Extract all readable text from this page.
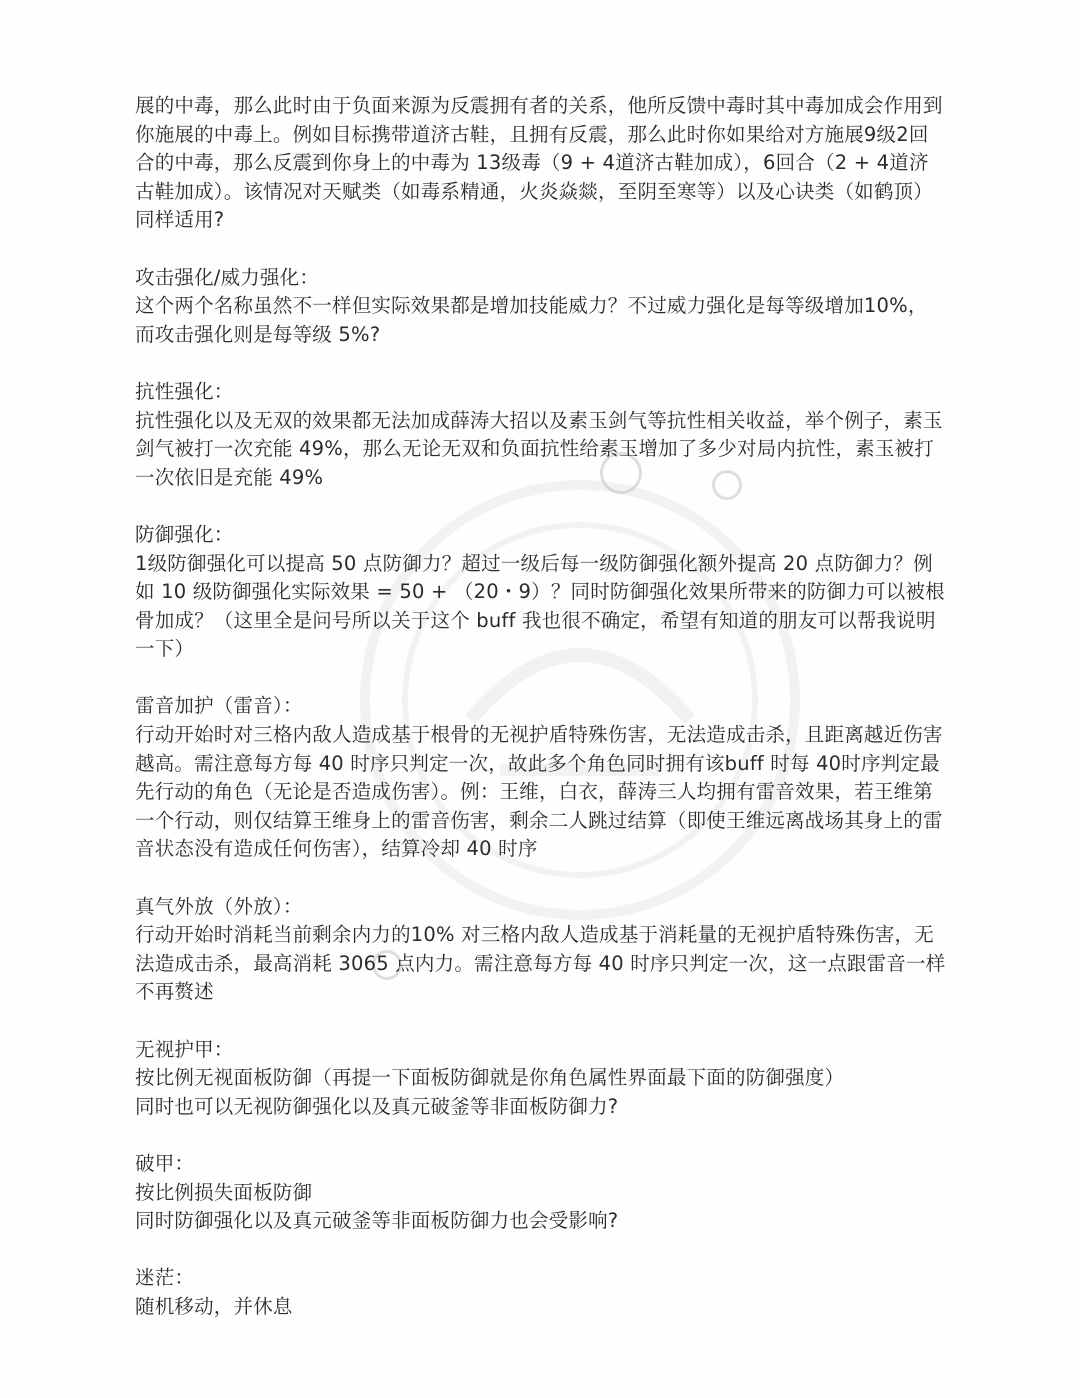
展的中毒，那么此时由于负面来源为反震拥有者的关系，他所反馈中毒时其中毒加成会作用到你施展的中毒上。例如目标携带道济古鞋，且拥有反震，那么此时你如果给对方施展9级2回合的中毒，那么反震到你身上的中毒为 13级毒（9 + 4道济古鞋加成），6回合（2 + 4道济古鞋加成）。该情况对天赋类（如毒系精通，火炎焱燚，至阴至寒等）以及心诀类（如鹤顶）同样适用?

攻击强化/威力强化：

这个两个名称虽然不一样但实际效果都是增加技能威力？不过威力强化是每等级增加10%，而攻击强化则是每等级 5%?

抗性强化：

抗性强化以及无双的效果都无法加成薛涛大招以及素玉剑气等抗性相关收益，举个例子，素玉剑气被打一次充能 49%，那么无论无双和负面抗性给素玉增加了多少对局内抗性，素玉被打一次依旧是充能 49%

防御强化：

1级防御强化可以提高 50 点防御力？超过一级后每一级防御强化额外提高 20 点防御力？例如 10 级防御强化实际效果 = 50 + （20・9）？同时防御强化效果所带来的防御力可以被根骨加成？（这里全是问号所以关于这个 buff 我也很不确定，希望有知道的朋友可以帮我说明一下）

雷音加护（雷音）：

行动开始时对三格内敌人造成基于根骨的无视护盾特殊伤害，无法造成击杀，且距离越近伤害越高。需注意每方每 40 时序只判定一次，故此多个角色同时拥有该buff 时每 40时序判定最先行动的角色（无论是否造成伤害）。例：王维，白衣，薛涛三人均拥有雷音效果，若王维第一个行动，则仅结算王维身上的雷音伤害，剩余二人跳过结算（即使王维远离战场其身上的雷音状态没有造成任何伤害），结算冷却 40 时序

真气外放（外放）：

行动开始时消耗当前剩余内力的10% 对三格内敌人造成基于消耗量的无视护盾特殊伤害，无法造成击杀，最高消耗 3065 点内力。需注意每方每 40 时序只判定一次，这一点跟雷音一样不再赘述

无视护甲：

按比例无视面板防御（再提一下面板防御就是你角色属性界面最下面的防御强度）

同时也可以无视防御强化以及真元破釜等非面板防御力?

破甲：

按比例损失面板防御

同时防御强化以及真元破釜等非面板防御力也会受影响?

迷茫：

随机移动，并休息
